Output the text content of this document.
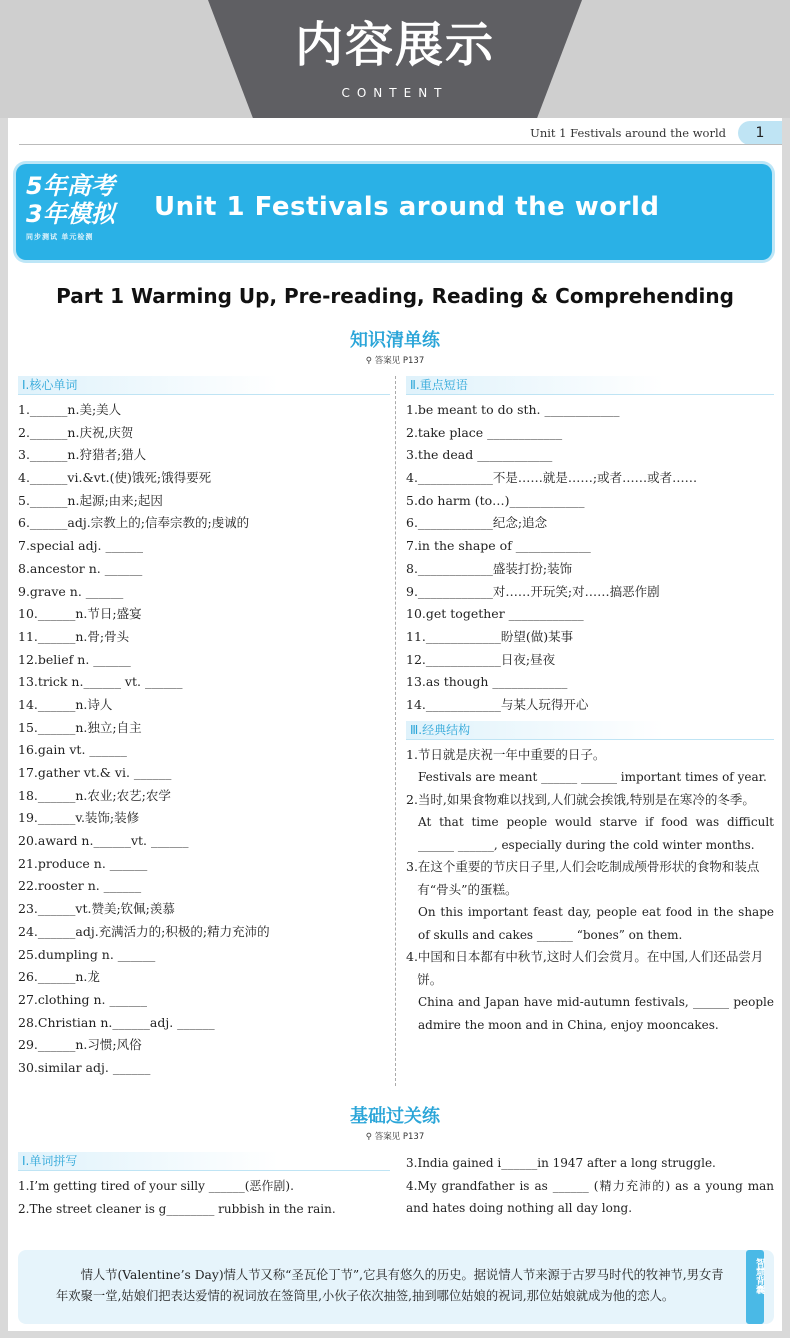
内容展示
CONTENT
Unit 1 Festivals around the world	1
5年高考
3年模拟
同步测试 单元检测
Unit 1 Festivals around the world
Part 1 Warming Up, Pre-reading, Reading & Comprehending
知识清单练
⚲ 答案见 P137
Ⅰ.核心单词
1.______n.美;美人
2.______n.庆祝,庆贺
3.______n.狩猎者;猎人
4.______vi.&vt.(使)饿死;饿得要死
5.______n.起源;由来;起因
6.______adj.宗教上的;信奉宗教的;虔诚的
7.special adj. ______
8.ancestor n. ______
9.grave n. ______
10.______n.节日;盛宴
11.______n.骨;骨头
12.belief n. ______
13.trick n.______ vt. ______
14.______n.诗人
15.______n.独立;自主
16.gain vt. ______
17.gather vt.& vi. ______
18.______n.农业;农艺;农学
19.______v.装饰;装修
20.award n.______vt. ______
21.produce n. ______
22.rooster n. ______
23.______vt.赞美;钦佩;羡慕
24.______adj.充满活力的;积极的;精力充沛的
25.dumpling n. ______
26.______n.龙
27.clothing n. ______
28.Christian n.______adj. ______
29.______n.习惯;风俗
30.similar adj. ______
Ⅱ.重点短语
1.be meant to do sth. ____________
2.take place ____________
3.the dead ____________
4.____________不是……就是……;或者……或者……
5.do harm (to…)____________
6.____________纪念;追念
7.in the shape of ____________
8.____________盛装打扮;装饰
9.____________对……开玩笑;对……搞恶作剧
10.get together ____________
11.____________盼望(做)某事
12.____________日夜;昼夜
13.as though ____________
14.____________与某人玩得开心
Ⅲ.经典结构
1.节日就是庆祝一年中重要的日子。
Festivals are meant ______ ______ important times of year.
2.当时,如果食物难以找到,人们就会挨饿,特别是在寒冷的冬季。
At that time people would starve if food was difficult ______ ______, especially during the cold winter months.
3.在这个重要的节庆日子里,人们会吃制成颅骨形状的食物和装点有“骨头”的蛋糕。
On this important feast day, people eat food in the shape of skulls and cakes ______ “bones” on them.
4.中国和日本都有中秋节,这时人们会赏月。在中国,人们还品尝月饼。
China and Japan have mid-autumn festivals, ______ people admire the moon and in China, enjoy mooncakes.
基础过关练
⚲ 答案见 P137
Ⅰ.单词拼写
1.I’m getting tired of your silly ______(恶作剧).
2.The street cleaner is g________ rubbish in the rain.
3.India gained i______in 1947 after a long struggle.
4.My grandfather is as ______ (精力充沛的) as a young man and hates doing nothing all day long.
情人节(Valentine’s Day)情人节又称“圣瓦伦丁节”,它具有悠久的历史。据说情人节来源于古罗马时代的牧神节,男女青年欢聚一堂,姑娘们把表达爱情的祝词放在签筒里,小伙子依次抽签,抽到哪位姑娘的祝词,那位姑娘就成为他的恋人。
智慧背囊
